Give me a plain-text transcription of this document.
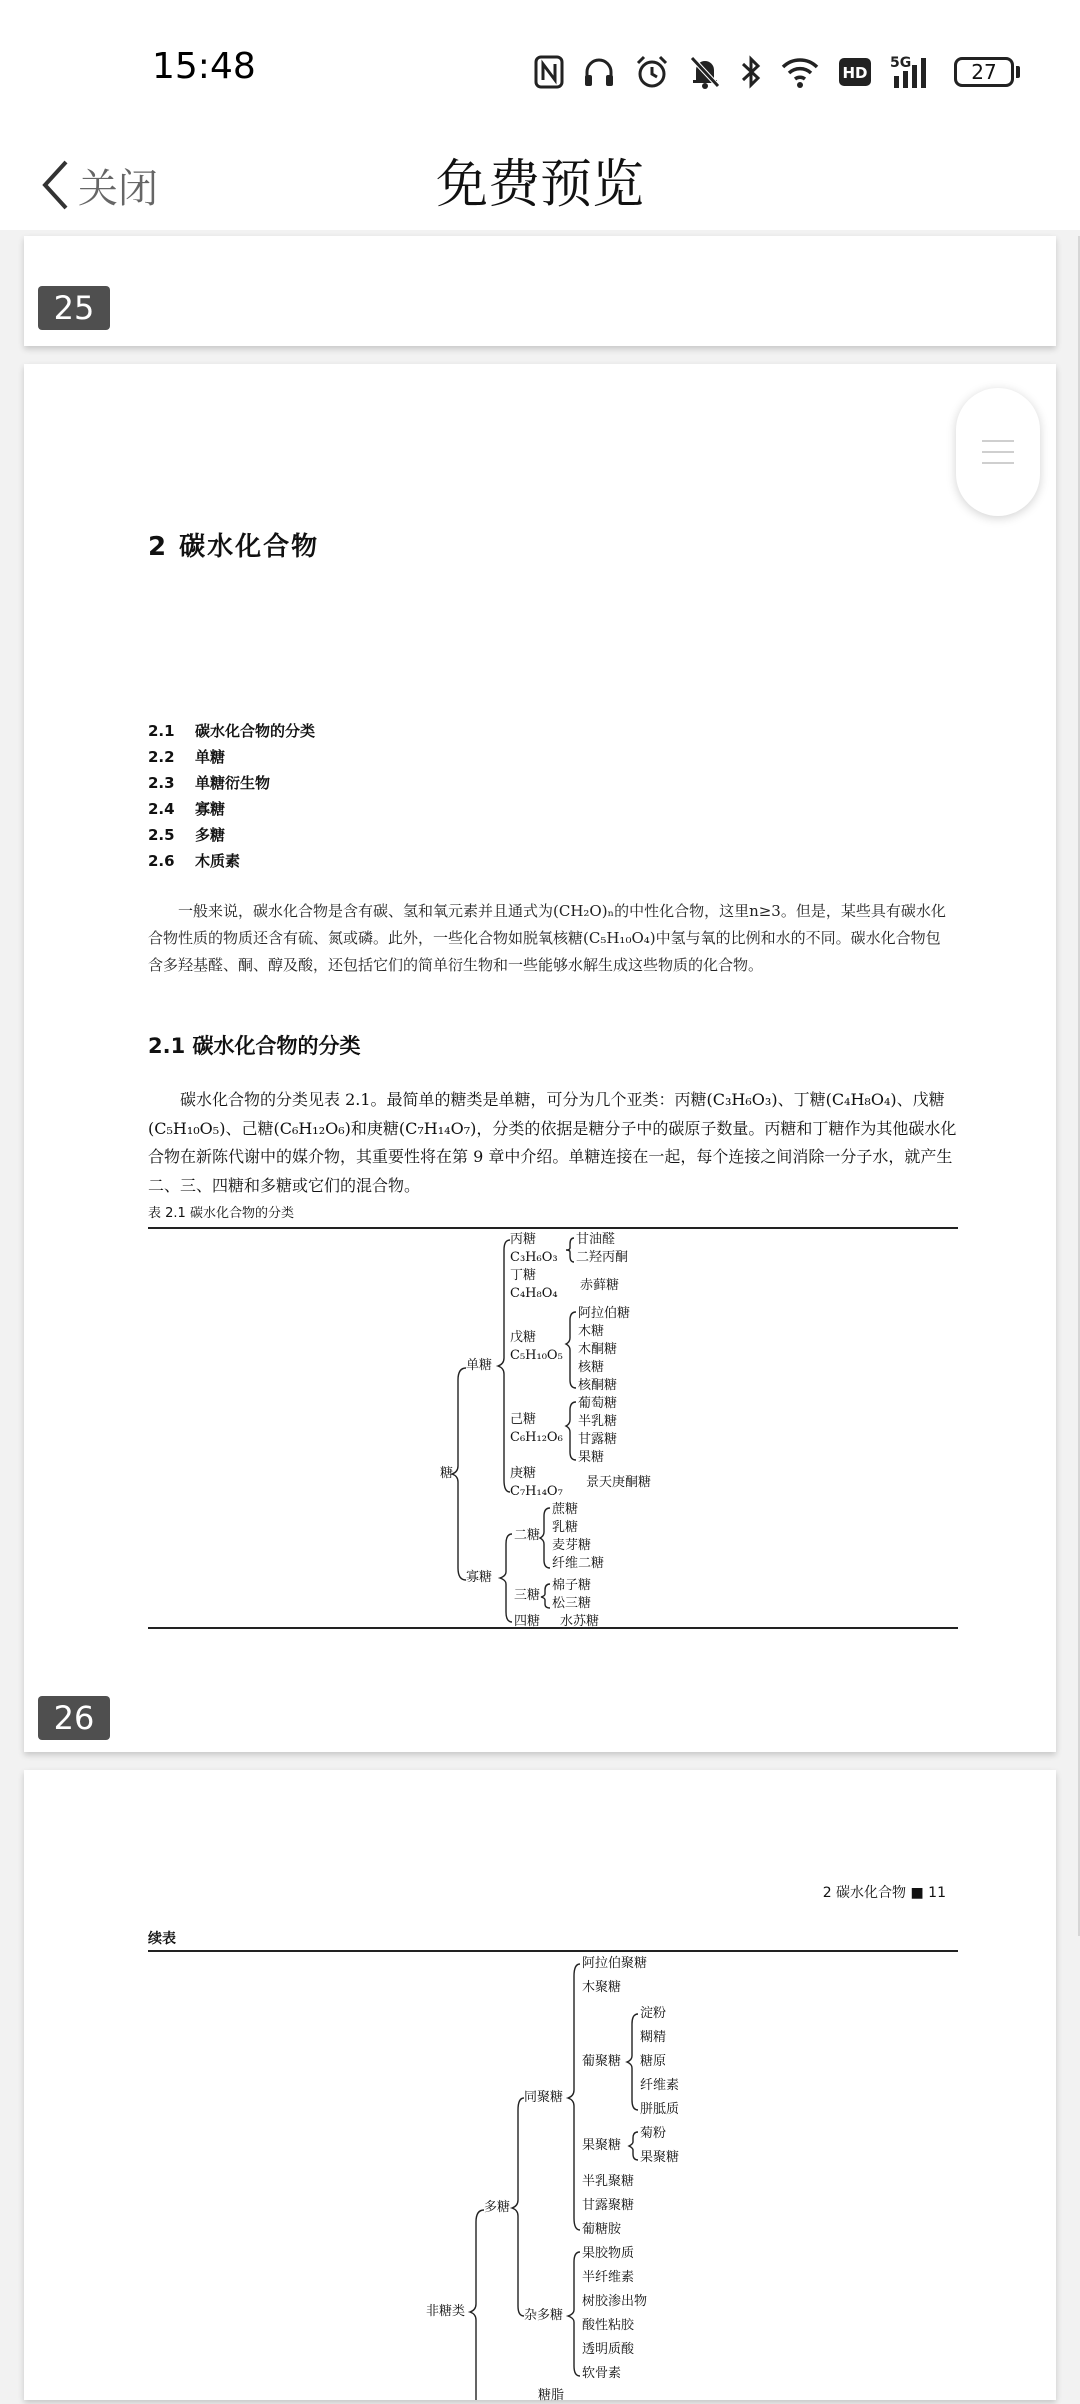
15:48	HD
5G	27
关闭	免费预览
25
2 碳水化合物
2.1 碳水化合物的分类
2.2 单糖
2.3 单糖衍生物
2.4 寡糖
2.5 多糖
2.6 木质素
一般来说，碳水化合物是含有碳、氢和氧元素并且通式为(CH₂O)ₙ的中性化合物，这里n≥3。但是，某些具有碳水化合物性质的物质还含有硫、氮或磷。此外，一些化合物如脱氧核糖(C₅H₁₀O₄)中氢与氧的比例和水的不同。碳水化合物包含多羟基醛、酮、醇及酸，还包括它们的简单衍生物和一些能够水解生成这些物质的化合物。
2.1 碳水化合物的分类
碳水化合物的分类见表 2.1。最简单的糖类是单糖，可分为几个亚类：丙糖(C₃H₆O₃)、丁糖(C₄H₈O₄)、戊糖(C₅H₁₀O₅)、己糖(C₆H₁₂O₆)和庚糖(C₇H₁₄O₇)，分类的依据是糖分子中的碳原子数量。丙糖和丁糖作为其他碳水化合物在新陈代谢中的媒介物，其重要性将在第 9 章中介绍。单糖连接在一起，每个连接之间消除一分子水，就产生二、三、四糖和多糖或它们的混合物。
表 2.1 碳水化合物的分类
糖
单糖
寡糖
丙糖
C₃H₆O₃
甘油醛
二羟丙酮
丁糖
C₄H₈O₄
赤藓糖
戊糖
C₅H₁₀O₅
阿拉伯糖
木糖
木酮糖
核糖
核酮糖
己糖
C₆H₁₂O₆
葡萄糖
半乳糖
甘露糖
果糖
庚糖
C₇H₁₄O₇
景天庚酮糖
二糖
蔗糖
乳糖
麦芽糖
纤维二糖
三糖
棉子糖
松三糖
四糖 水苏糖
26
2 碳水化合物 ■ 11
续表
非糖类
多糖
同聚糖
杂多糖
阿拉伯聚糖
木聚糖
葡聚糖
淀粉
糊精
糖原
纤维素
胼胝质
果聚糖
菊粉
果聚糖
半乳聚糖
甘露聚糖
葡糖胺
果胶物质
半纤维素
树胶渗出物
酸性粘胶
透明质酸
软骨素
糖脂
